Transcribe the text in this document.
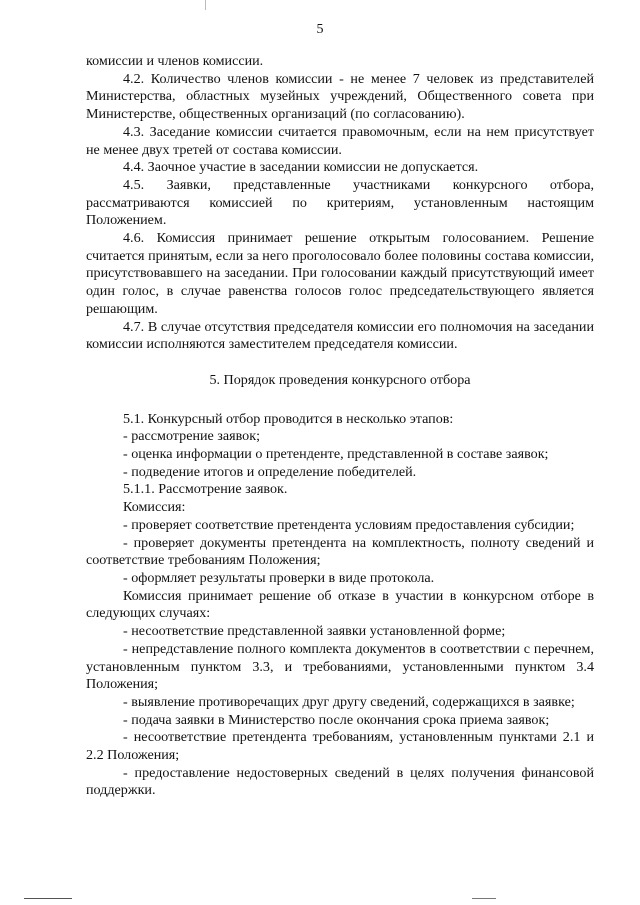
5

комиссии и членов комиссии.

4.2. Количество членов комиссии - не менее 7 человек из представителей Министерства, областных музейных учреждений, Общественного совета при Министерстве, общественных организаций (по согласованию).

4.3. Заседание комиссии считается правомочным, если на нем присутствует не менее двух третей от состава комиссии.

4.4. Заочное участие в заседании комиссии не допускается.

4.5. Заявки, представленные участниками конкурсного отбора, рассматриваются комиссией по критериям, установленным настоящим Положением.

4.6. Комиссия принимает решение открытым голосованием. Решение считается принятым, если за него проголосовало более половины состава комиссии, присутствовавшего на заседании. При голосовании каждый присутствующий имеет один голос, в случае равенства голосов голос председательствующего является решающим.

4.7. В случае отсутствия председателя комиссии его полномочия на заседании комиссии исполняются заместителем председателя комиссии.

5. Порядок проведения конкурсного отбора

5.1. Конкурсный отбор проводится в несколько этапов:

- рассмотрение заявок;

- оценка информации о претенденте, представленной в составе заявок;

- подведение итогов и определение победителей.

5.1.1. Рассмотрение заявок.

Комиссия:

- проверяет соответствие претендента условиям предоставления субсидии;

- проверяет документы претендента на комплектность, полноту сведений и соответствие требованиям Положения;

- оформляет результаты проверки в виде протокола.

Комиссия принимает решение об отказе в участии в конкурсном отборе в следующих случаях:

- несоответствие представленной заявки установленной форме;

- непредставление полного комплекта документов в соответствии с перечнем, установленным пунктом 3.3, и требованиями, установленными пунктом 3.4 Положения;

- выявление противоречащих друг другу сведений, содержащихся в заявке;

- подача заявки в Министерство после окончания срока приема заявок;

- несоответствие претендента требованиям, установленным пунктами 2.1 и 2.2 Положения;

- предоставление недостоверных сведений в целях получения финансовой поддержки.
